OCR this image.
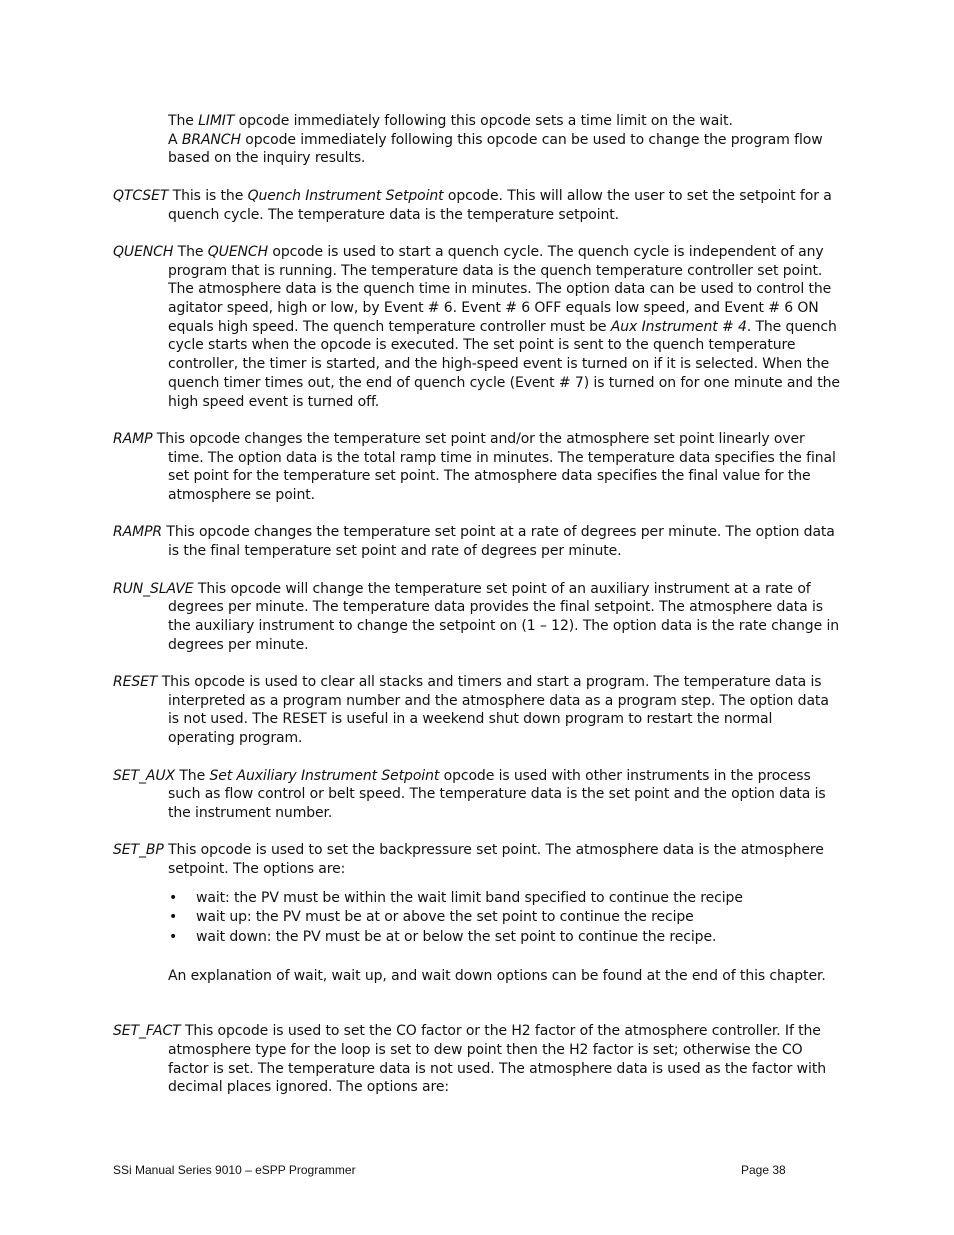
The LIMIT opcode immediately following this opcode sets a time limit on the wait.

A BRANCH opcode immediately following this opcode can be used to change the program flow based on the inquiry results.

QTCSET This is the Quench Instrument Setpoint opcode. This will allow the user to set the setpoint for a quench cycle. The temperature data is the temperature setpoint.

QUENCH The QUENCH opcode is used to start a quench cycle. The quench cycle is independent of any program that is running. The temperature data is the quench temperature controller set point. The atmosphere data is the quench time in minutes. The option data can be used to control the agitator speed, high or low, by Event # 6. Event # 6 OFF equals low speed, and Event # 6 ON equals high speed. The quench temperature controller must be Aux Instrument # 4. The quench cycle starts when the opcode is executed. The set point is sent to the quench temperature controller, the timer is started, and the high-speed event is turned on if it is selected. When the quench timer times out, the end of quench cycle (Event # 7) is turned on for one minute and the high speed event is turned off.

RAMP This opcode changes the temperature set point and/or the atmosphere set point linearly over time. The option data is the total ramp time in minutes. The temperature data specifies the final set point for the temperature set point. The atmosphere data specifies the final value for the atmosphere se point.

RAMPR This opcode changes the temperature set point at a rate of degrees per minute. The option data is the final temperature set point and rate of degrees per minute.

RUN_SLAVE This opcode will change the temperature set point of an auxiliary instrument at a rate of degrees per minute. The temperature data provides the final setpoint. The atmosphere data is the auxiliary instrument to change the setpoint on (1 – 12). The option data is the rate change in degrees per minute.

RESET This opcode is used to clear all stacks and timers and start a program. The temperature data is interpreted as a program number and the atmosphere data as a program step. The option data is not used. The RESET is useful in a weekend shut down program to restart the normal operating program.

SET_AUX The Set Auxiliary Instrument Setpoint opcode is used with other instruments in the process such as flow control or belt speed. The temperature data is the set point and the option data is the instrument number.

SET_BP This opcode is used to set the backpressure set point. The atmosphere data is the atmosphere setpoint. The options are:

• wait: the PV must be within the wait limit band specified to continue the recipe
• wait up: the PV must be at or above the set point to continue the recipe
• wait down: the PV must be at or below the set point to continue the recipe.

An explanation of wait, wait up, and wait down options can be found at the end of this chapter.

SET_FACT This opcode is used to set the CO factor or the H2 factor of the atmosphere controller. If the atmosphere type for the loop is set to dew point then the H2 factor is set; otherwise the CO factor is set. The temperature data is not used. The atmosphere data is used as the factor with decimal places ignored. The options are:

SSi Manual Series 9010 – eSPP Programmer	Page 38
